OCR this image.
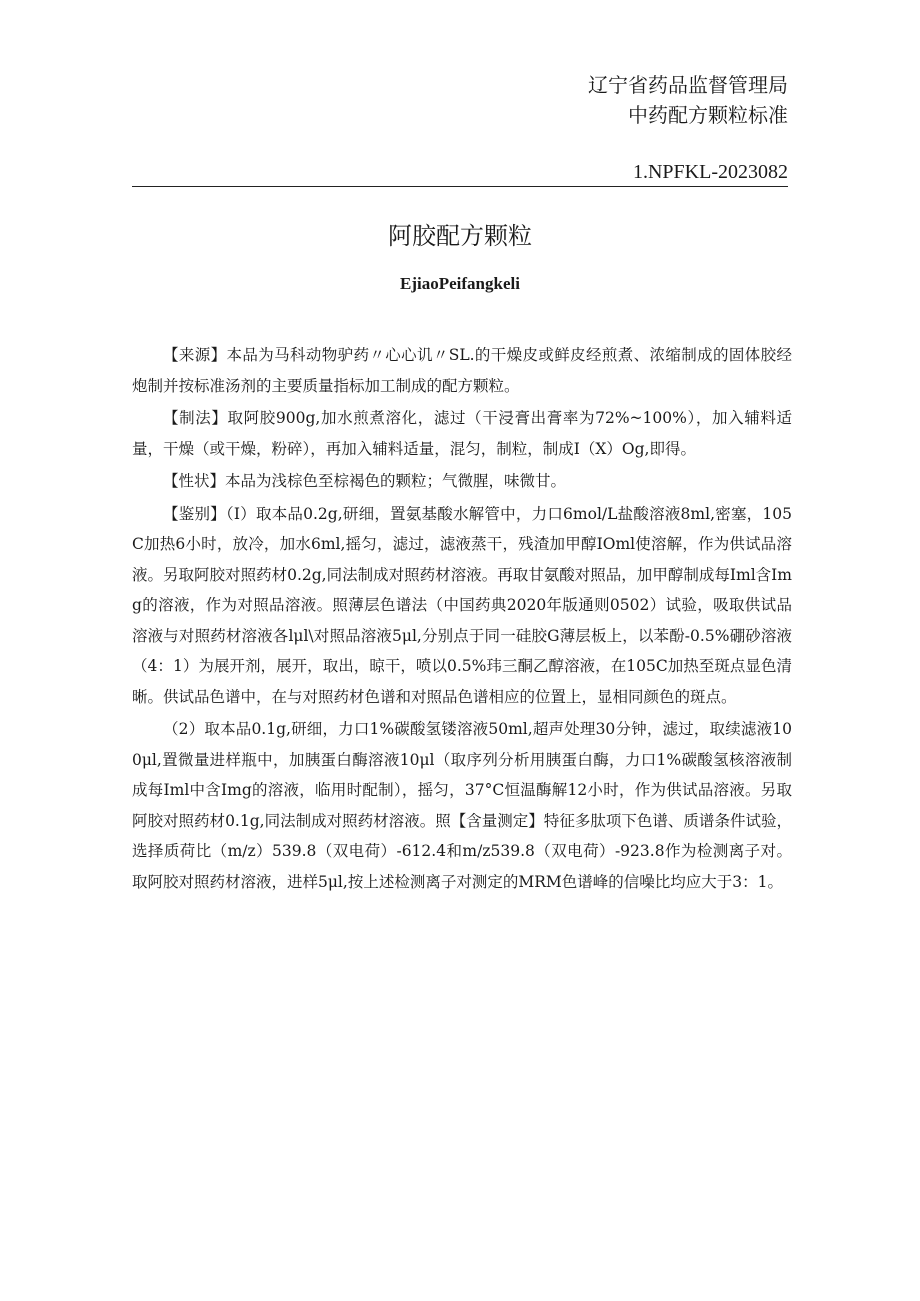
辽宁省药品监督管理局
中药配方颗粒标准
1.NPFKL-2023082
阿胶配方颗粒
EjiaoPeifangkeli

【来源】本品为马科动物驴药〃心心讥〃SL.的干燥皮或鲜皮经煎煮、浓缩制成的固体胶经炮制并按标准汤剂的主要质量指标加工制成的配方颗粒。

【制法】取阿胶900g,加水煎煮溶化，滤过（干浸膏出膏率为72%~100%），加入辅料适量，干燥（或干燥，粉碎），再加入辅料适量，混匀，制粒，制成I（X）Og,即得。

【性状】本品为浅棕色至棕褐色的颗粒；气微腥，味微甘。

【鉴别】（I）取本品0.2g,研细，置氨基酸水解管中，力口6mol∕L盐酸溶液8ml,密塞，105C加热6小时，放冷，加水6ml,摇匀，滤过，滤液蒸干，残渣加甲醇IOml使溶解，作为供试品溶液。另取阿胶对照药材0.2g,同法制成对照药材溶液。再取甘氨酸对照品，加甲醇制成每Iml含Img的溶液，作为对照品溶液。照薄层色谱法（中国药典2020年版通则0502）试验，吸取供试品溶液与对照药材溶液各lμl\对照品溶液5μl,分别点于同一硅胶G薄层板上，以苯酚-0.5%硼砂溶液（4：1）为展开剂，展开，取出，晾干，喷以0.5%玮三酮乙醇溶液，在105C加热至斑点显色清晰。供试品色谱中，在与对照药材色谱和对照品色谱相应的位置上，显相同颜色的斑点。

（2）取本品0.1g,研细，力口1%碳酸氢镂溶液50ml,超声处理30分钟，滤过，取续滤液100μl,置微量进样瓶中，加胰蛋白酶溶液10μl（取序列分析用胰蛋白酶，力口1%碳酸氢核溶液制成每Iml中含Img的溶液，临用时配制），摇匀，37°C恒温酶解12小时，作为供试品溶液。另取阿胶对照药材0.1g,同法制成对照药材溶液。照【含量测定】特征多肽项下色谱、质谱条件试验，选择质荷比（m∕z）539.8（双电荷）-612.4和m/z539.8（双电荷）-923.8作为检测离子对。取阿胶对照药材溶液，进样5μl,按上述检测离子对测定的MRM色谱峰的信噪比均应大于3：1。
